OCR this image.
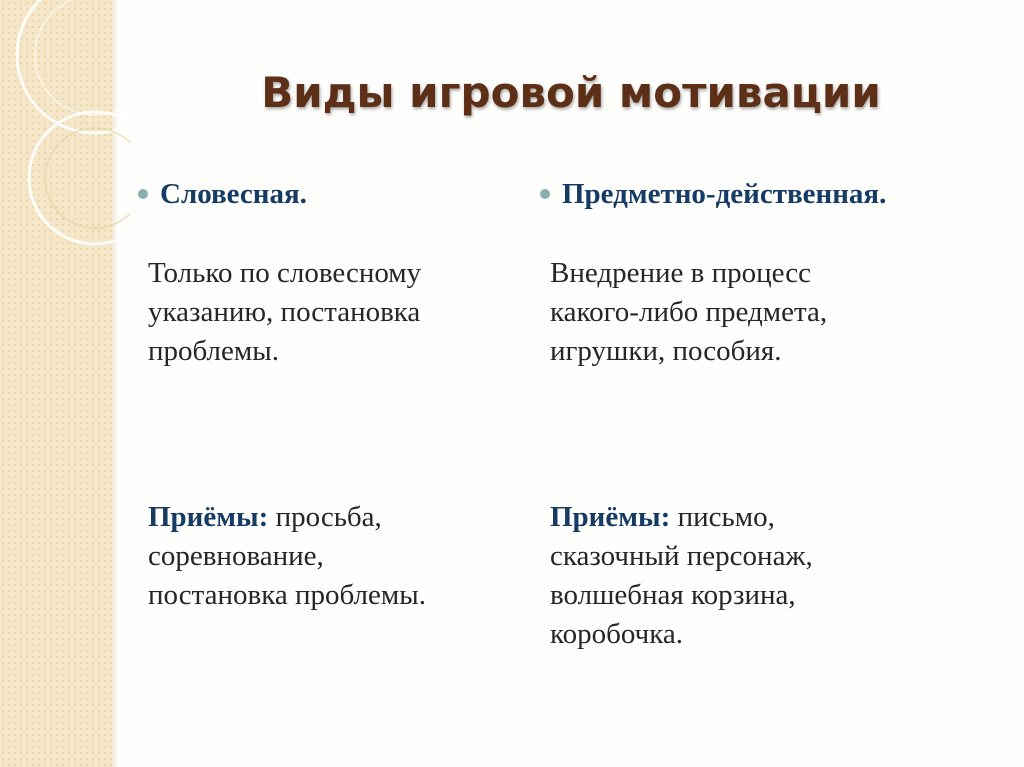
Виды игровой мотивации
Словесная.

Только по словесному
указанию, постановка
проблемы.

Приёмы: просьба,
соревнование,
постановка проблемы.

Предметно-действенная.

Внедрение в процесс
какого-либо предмета,
игрушки, пособия.

Приёмы: письмо,
сказочный персонаж,
волшебная корзина,
коробочка.
